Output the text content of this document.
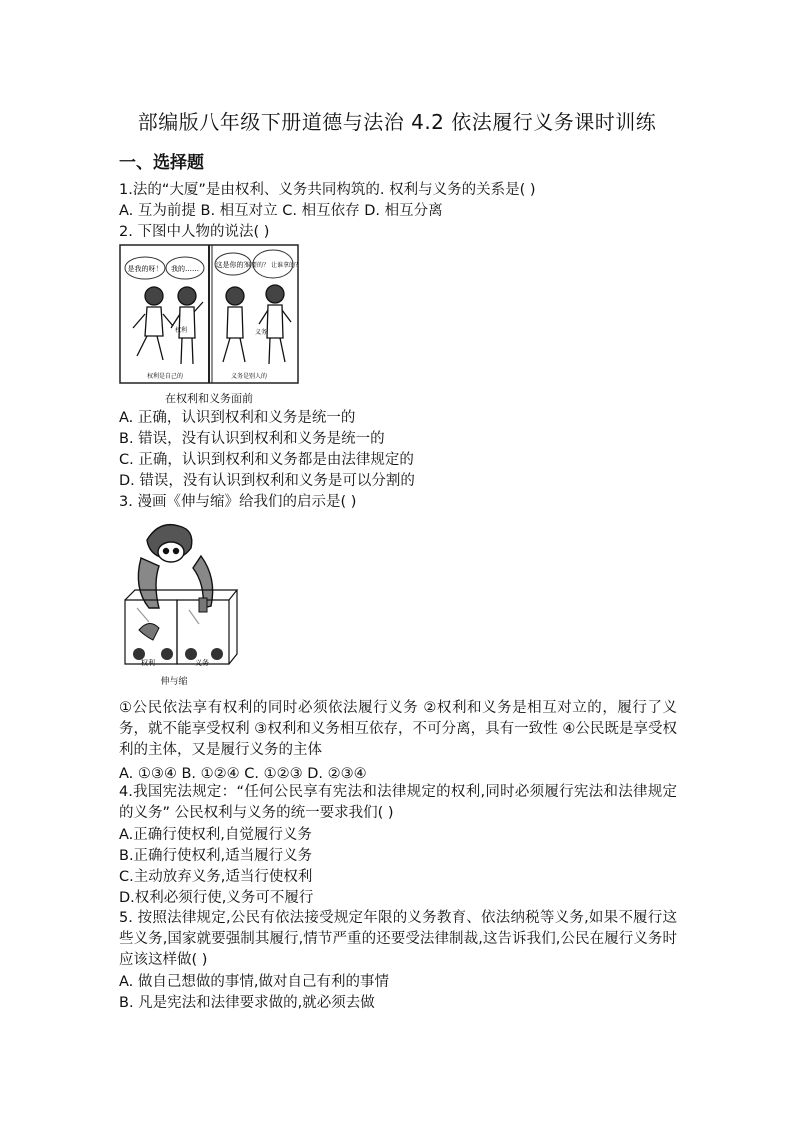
部编版八年级下册道德与法治 4.2 依法履行义务课时训练
一、选择题
1.法的“大厦”是由权利、义务共同构筑的. 权利与义务的关系是( )
A. 互为前提 B. 相互对立 C. 相互依存 D. 相互分离
2. 下图中人物的说法( )
是我的呀！ 我的…… 这是你的？
谁要的？ 让谁拿的？
权利	义务
权利是自己的	义务是别人的
在权利和义务面前
A. 正确，认识到权利和义务是统一的
B. 错误，没有认识到权利和义务是统一的
C. 正确，认识到权利和义务都是由法律规定的
D. 错误，没有认识到权利和义务是可以分割的
3. 漫画《伸与缩》给我们的启示是( )
权利	义务
伸与缩
①公民依法享有权利的同时必须依法履行义务 ②权利和义务是相互对立的，履行了义务，就不能享受权利 ③权利和义务相互依存，不可分离，具有一致性 ④公民既是享受权利的主体，又是履行义务的主体
A. ①③④ B. ①②④ C. ①②③ D. ②③④
4.我国宪法规定：“任何公民享有宪法和法律规定的权利,同时必须履行宪法和法律规定的义务” 公民权利与义务的统一要求我们( )
A.正确行使权利,自觉履行义务
B.正确行使权利,适当履行义务
C.主动放弃义务,适当行使权利
D.权利必须行使,义务可不履行
5. 按照法律规定,公民有依法接受规定年限的义务教育、依法纳税等义务,如果不履行这些义务,国家就要强制其履行,情节严重的还要受法律制裁,这告诉我们,公民在履行义务时应该这样做( )
A. 做自己想做的事情,做对自己有利的事情
B. 凡是宪法和法律要求做的,就必须去做
